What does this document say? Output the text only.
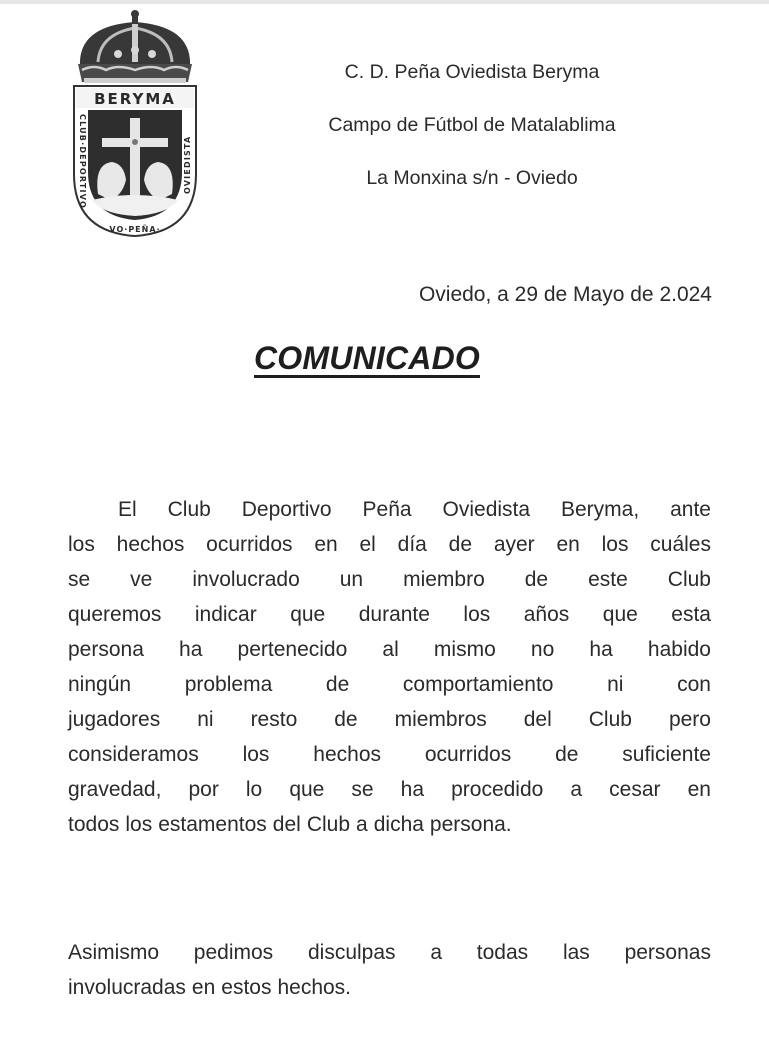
BERYMA
CLUB·DEPORTIVO	OVIEDISTA
VO·PEÑA·
C. D. Peña Oviedista Beryma
Campo de Fútbol de Matalablima
La Monxina s/n - Oviedo
Oviedo, a 29 de Mayo de 2.024
COMUNICADO
El Club Deportivo Peña Oviedista Beryma, ante
los hechos ocurridos en el día de ayer en los cuáles
se ve involucrado un miembro de este Club
queremos indicar que durante los años que esta
persona ha pertenecido al mismo no ha habido
ningún	problema	de	comportamiento	ni	con
jugadores ni resto de miembros del Club pero
consideramos los hechos ocurridos de suficiente
gravedad, por lo que se ha procedido a cesar en
todos los estamentos del Club a dicha persona.
Asimismo pedimos disculpas a todas las personas
involucradas en estos hechos.
